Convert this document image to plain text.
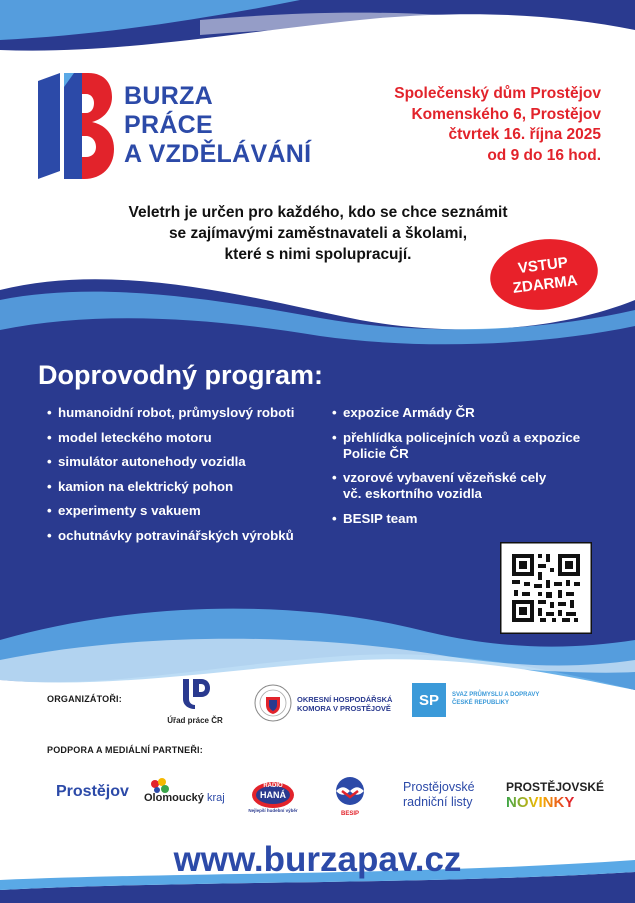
BURZA
PRÁCE
A VZDĚLÁVÁNÍ
Společenský dům Prostějov
Komenského 6, Prostějov
čtvrtek 16. října 2025
od 9 do 16 hod.
Veletrh je určen pro každého, kdo se chce seznámit
se zajímavými zaměstnavateli a školami,
které s nimi spolupracují.	VSTUP
ZDARMA
Doprovodný program:
• humanoidní robot, průmyslový roboti
• model leteckého motoru
• simulátor autonehody vozidla
• kamion na elektrický pohon
• experimenty s vakuem
• ochutnávky potravinářských výrobků
• expozice Armády ČR
• přehlídka policejních vozů a expozice
Policie ČR
• vzorové vybavení vězeňské cely
vč. eskortního vozidla
• BESIP team
ORGANIZÁTOŘI:
Úřad práce ČR
OKRESNÍ HOSPODÁŘSKÁ
KOMORA V PROSTĚJOVĚ	SP	SVAZ PRŮMYSLU A DOPRAVY
ČESKÉ REPUBLIKY
PODPORA A MEDIÁLNÍ PARTNEŘI:
Prostějov Olomoucký kraj
RADIO
HANÁ
Nejlepší hudební výběr
BESIP
Prostějovské
radniční listy
PROSTĚJOVSKÉ
NOVINKY
www.burzapav.cz
